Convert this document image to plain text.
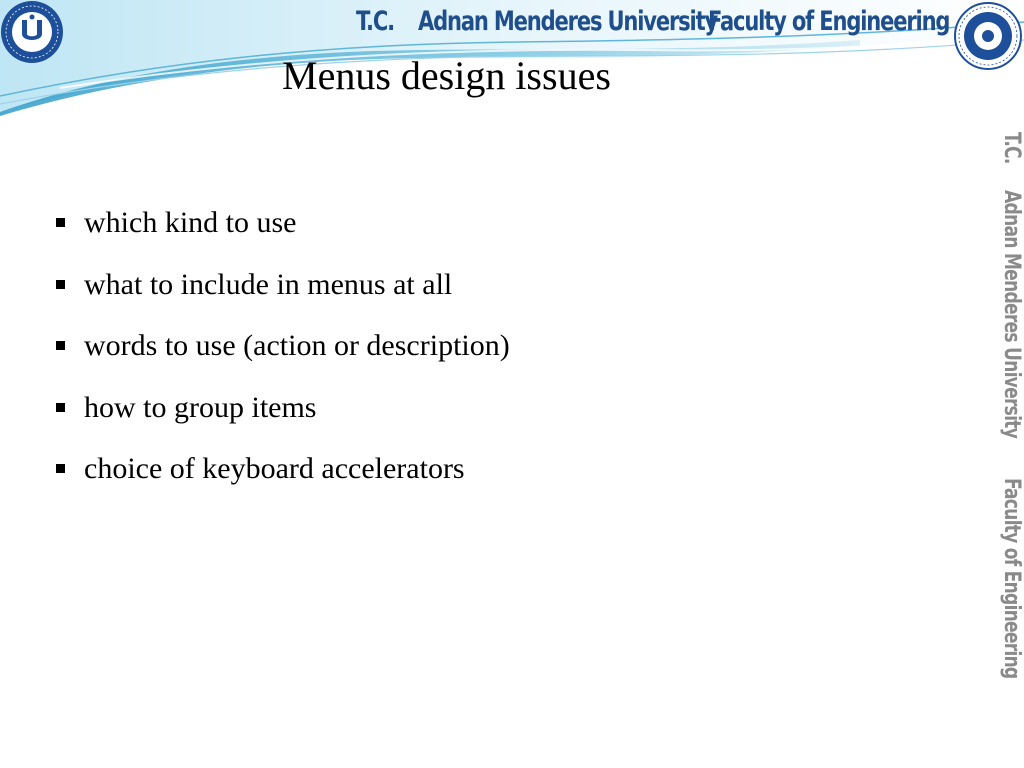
T.C. Adnan Menderes University
Faculty of Engineering
Menus design issues
which kind to use
what to include in menus at all
words to use (action or description)
how to group items
choice of keyboard accelerators
T.C.
Adnan Menderes University
Faculty of Engineering
